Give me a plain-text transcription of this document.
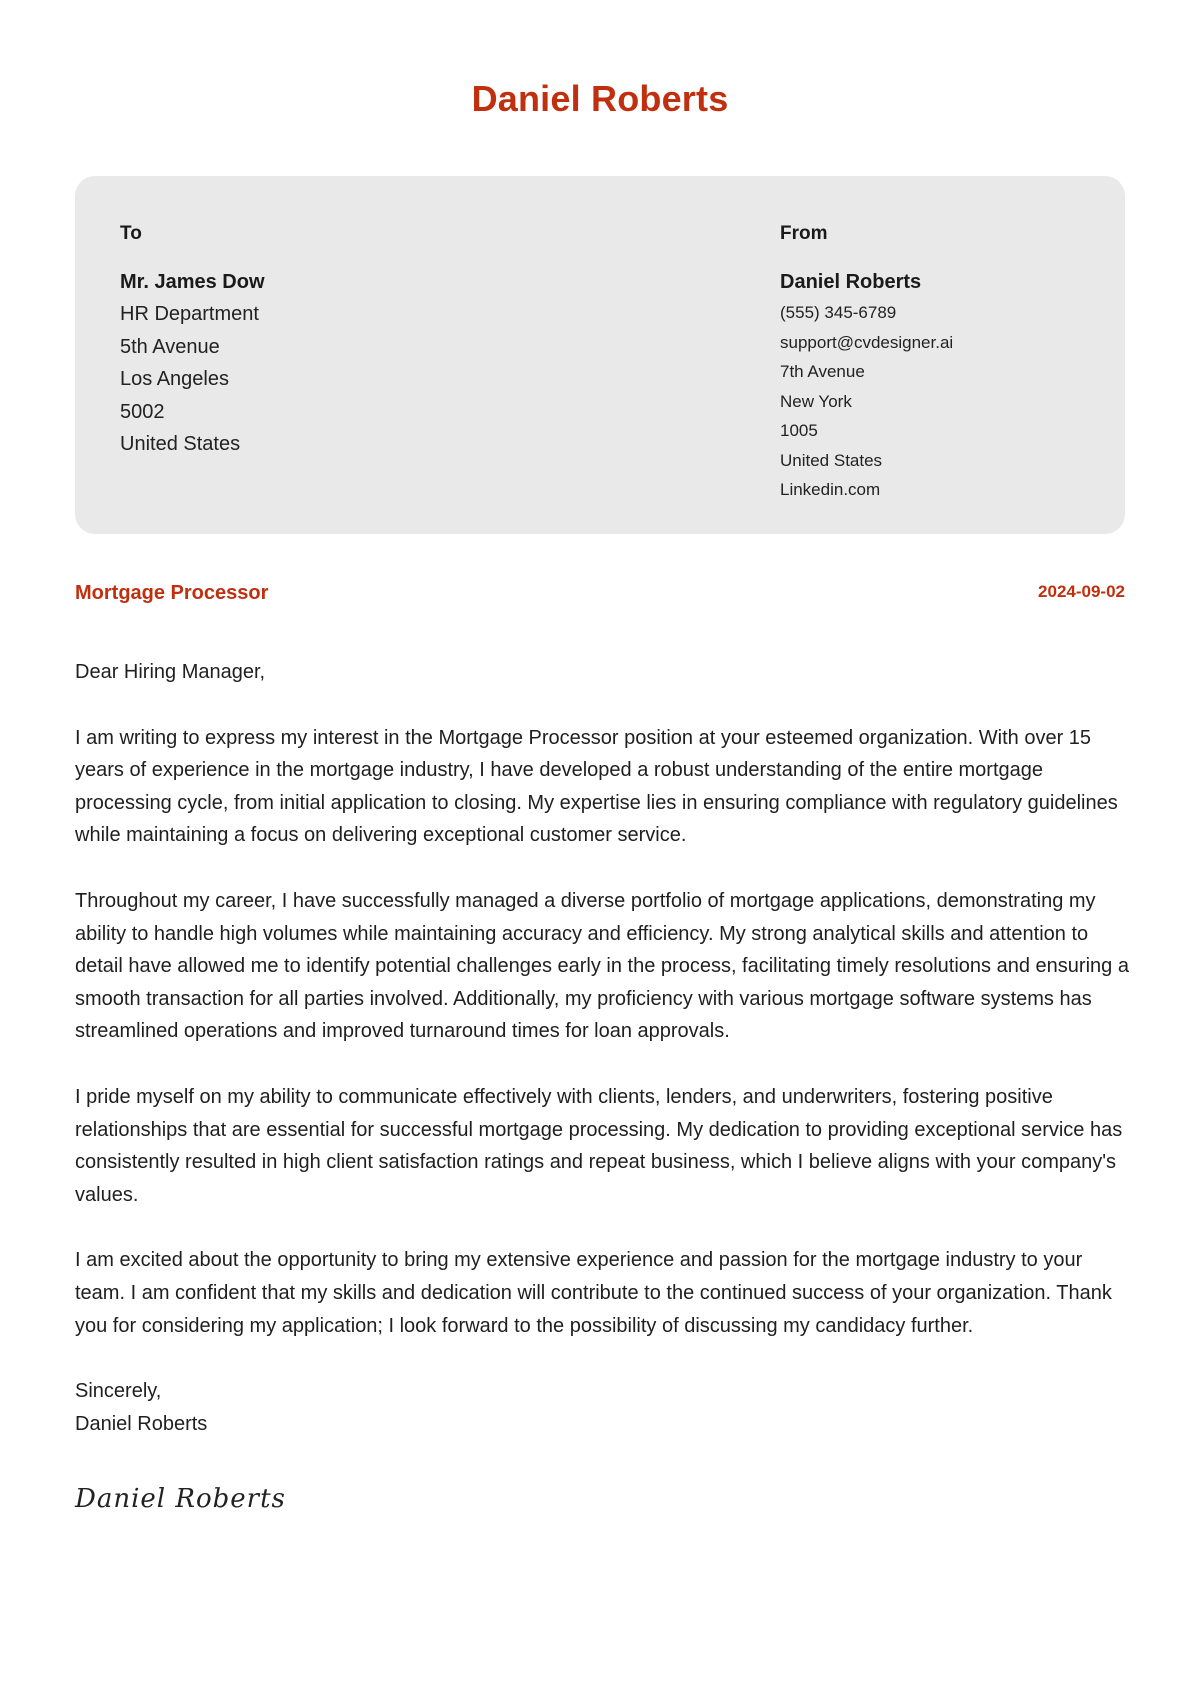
Daniel Roberts
To
Mr. James Dow
HR Department
5th Avenue
Los Angeles
5002
United States
From
Daniel Roberts
(555) 345-6789
support@cvdesigner.ai
7th Avenue
New York
1005
United States
Linkedin.com
Mortgage Processor	2024-09-02

Dear Hiring Manager,

I am writing to express my interest in the Mortgage Processor position at your esteemed organization. With over 15 years of experience in the mortgage industry, I have developed a robust understanding of the entire mortgage processing cycle, from initial application to closing. My expertise lies in ensuring compliance with regulatory guidelines while maintaining a focus on delivering exceptional customer service.

Throughout my career, I have successfully managed a diverse portfolio of mortgage applications, demonstrating my ability to handle high volumes while maintaining accuracy and efficiency. My strong analytical skills and attention to detail have allowed me to identify potential challenges early in the process, facilitating timely resolutions and ensuring a smooth transaction for all parties involved. Additionally, my proficiency with various mortgage software systems has streamlined operations and improved turnaround times for loan approvals.

I pride myself on my ability to communicate effectively with clients, lenders, and underwriters, fostering positive relationships that are essential for successful mortgage processing. My dedication to providing exceptional service has consistently resulted in high client satisfaction ratings and repeat business, which I believe aligns with your company's values.

I am excited about the opportunity to bring my extensive experience and passion for the mortgage industry to your team. I am confident that my skills and dedication will contribute to the continued success of your organization. Thank you for considering my application; I look forward to the possibility of discussing my candidacy further.

Sincerely,
Daniel Roberts
Daniel Roberts
